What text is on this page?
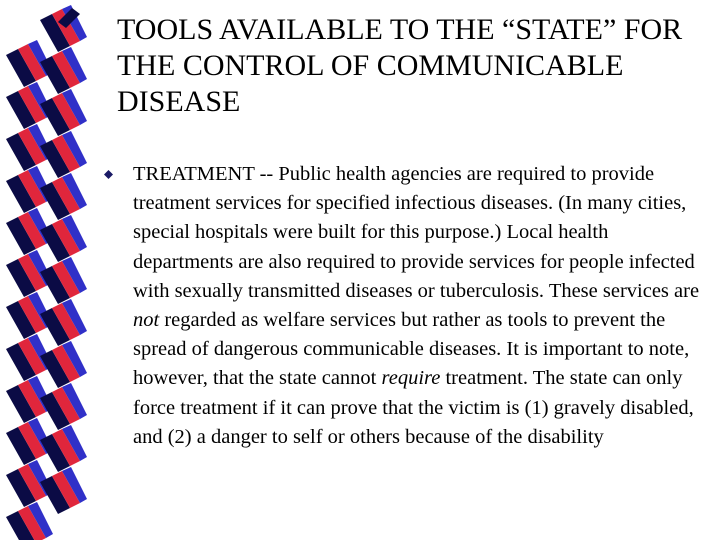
TOOLS AVAILABLE TO THE “STATE” FOR THE CONTROL OF COMMUNICABLE DISEASE

TREATMENT -- Public health agencies are required to provide treatment services for specified infectious diseases. (In many cities, special hospitals were built for this purpose.) Local health departments are also required to provide services for people infected with sexually transmitted diseases or tuberculosis. These services are not regarded as welfare services but rather as tools to prevent the spread of dangerous communicable diseases. It is important to note, however, that the state cannot require treatment. The state can only force treatment if it can prove that the victim is (1) gravely disabled, and (2) a danger to self or others because of the disability
